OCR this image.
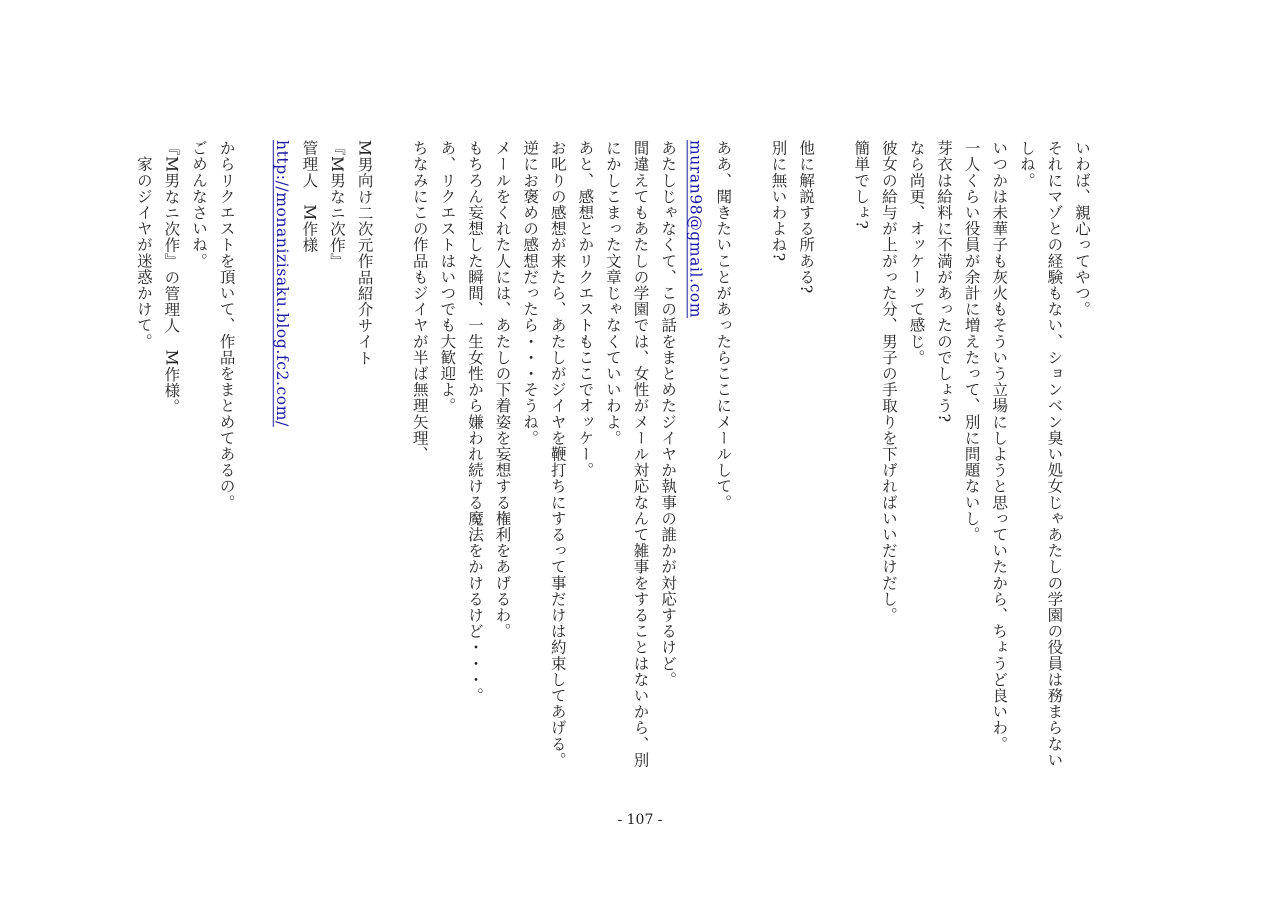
いわば、親心ってやつ。
それにマゾとの経験もない、ションベン臭い処女じゃあたしの学園の役員は務まらない
しね。
いつかは未華子も灰火もそういう立場にしようと思っていたから、ちょうど良いわ。
一人くらい役員が余計に増えたって、別に問題ないし。
芽衣は給料に不満があったのでしょう?
なら尚更、オッケーッて感じ。
彼女の給与が上がった分、男子の手取りを下げればいいだけだし。
簡単でしょ?

他に解説する所ある?
別に無いわよね?

ああ、聞きたいことがあったらここにメールして。
muran98@gmail.com
あたしじゃなくて、この話をまとめたジイヤか執事の誰かが対応するけど。
間違えてもあたしの学園では、女性がメール対応なんて雑事をすることはないから、別
にかしこまった文章じゃなくていいわよ。
あと、感想とかリクエストもここでオッケー。
お叱りの感想が来たら、あたしがジイヤを鞭打ちにするって事だけは約束してあげる。
逆にお褒めの感想だったら・・・そうね。
メールをくれた人には、あたしの下着姿を妄想する権利をあげるわ。
もちろん妄想した瞬間、一生女性から嫌われ続ける魔法をかけるけど・・・。
あ、リクエストはいつでも大歓迎よ。
ちなみにこの作品もジイヤが半ば無理矢理、

M男向け二次元作品紹介サイト
『M男なニ次作』
管理人　M作様
http://monanizisaku.blog.fc2.com/

からリクエストを頂いて、作品をまとめてあるの。
ごめんなさいね。
『M男なニ次作』の管理人　M作様。
　家のジイヤが迷惑かけて。
- 107 -
